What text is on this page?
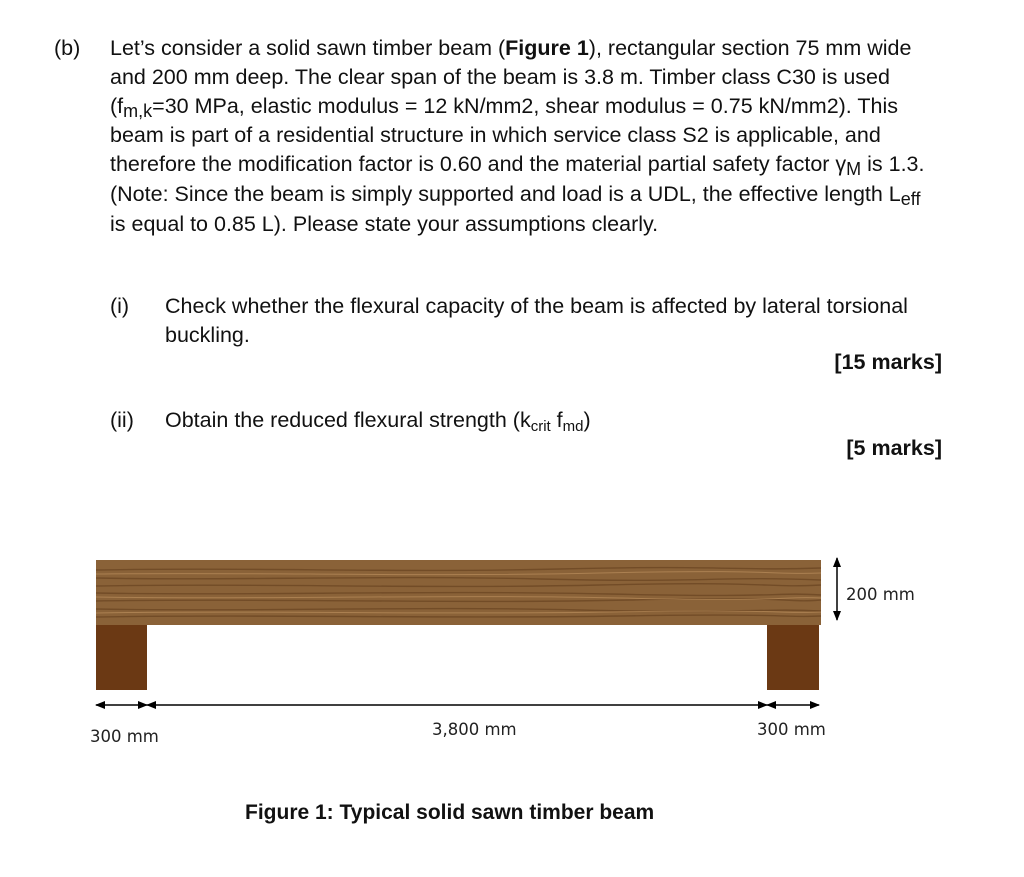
(b) Let’s consider a solid sawn timber beam (Figure 1), rectangular section 75 mm wide and 200 mm deep. The clear span of the beam is 3.8 m. Timber class C30 is used (fm,k=30 MPa, elastic modulus = 12 kN/mm2, shear modulus = 0.75 kN/mm2). This beam is part of a residential structure in which service class S2 is applicable, and therefore the modification factor is 0.60 and the material partial safety factor γM is 1.3. (Note: Since the beam is simply supported and load is a UDL, the effective length Leff is equal to 0.85 L). Please state your assumptions clearly.
(i) Check whether the flexural capacity of the beam is affected by lateral torsional buckling.
[15 marks]
(ii) Obtain the reduced flexural strength (kcrit fmd)
[5 marks]
200 mm
300 mm	3,800 mm	300 mm
Figure 1: Typical solid sawn timber beam
